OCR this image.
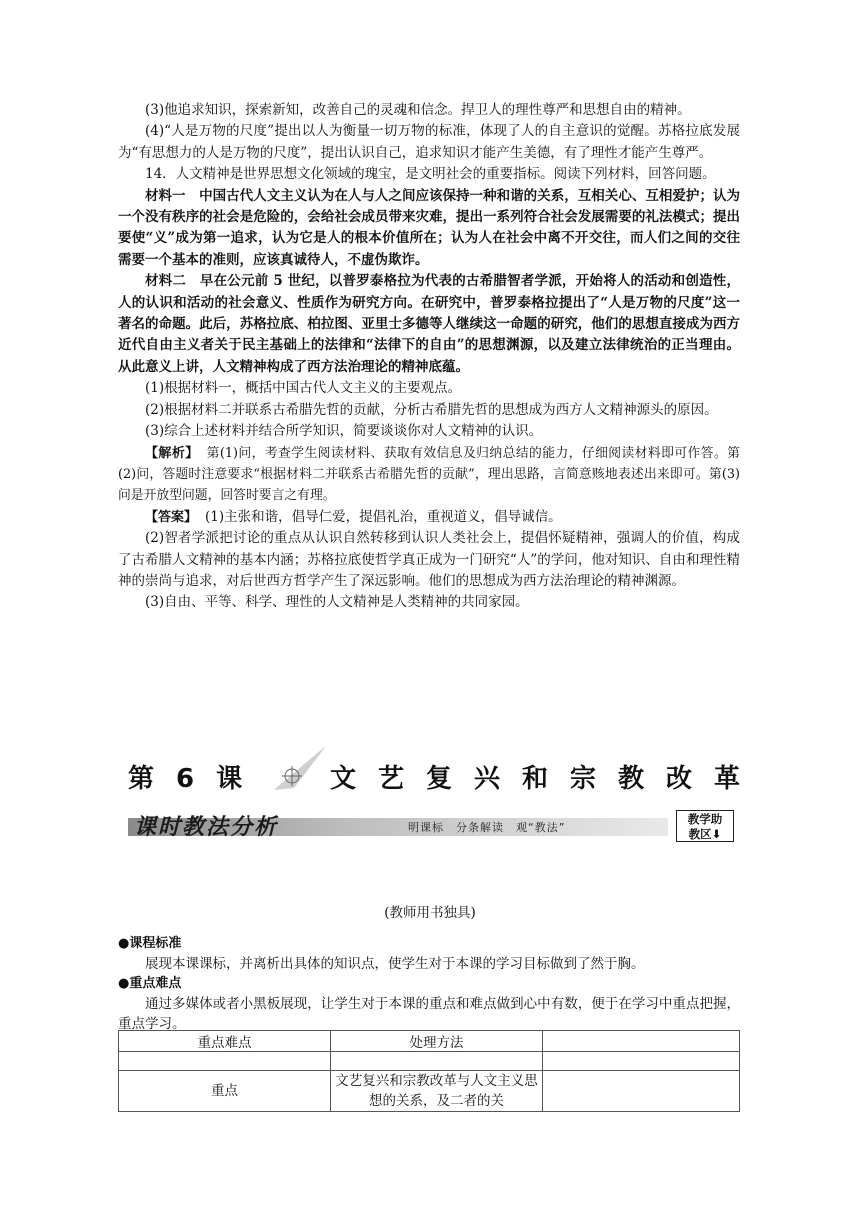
(3)他追求知识，探索新知，改善自己的灵魂和信念。捍卫人的理性尊严和思想自由的精神。

(4)“人是万物的尺度”提出以人为衡量一切万物的标准，体现了人的自主意识的觉醒。苏格拉底发展为“有思想力的人是万物的尺度”，提出认识自己，追求知识才能产生美德，有了理性才能产生尊严。

14．人文精神是世界思想文化领域的瑰宝，是文明社会的重要指标。阅读下列材料，回答问题。

材料一　中国古代人文主义认为在人与人之间应该保持一种和谐的关系，互相关心、互相爱护；认为一个没有秩序的社会是危险的，会给社会成员带来灾难，提出一系列符合社会发展需要的礼法模式；提出要使“义”成为第一追求，认为它是人的根本价值所在；认为人在社会中离不开交往，而人们之间的交往需要一个基本的准则，应该真诚待人，不虚伪欺诈。

材料二　早在公元前 5 世纪，以普罗泰格拉为代表的古希腊智者学派，开始将人的活动和创造性，人的认识和活动的社会意义、性质作为研究方向。在研究中，普罗泰格拉提出了“人是万物的尺度”这一著名的命题。此后，苏格拉底、柏拉图、亚里士多德等人继续这一命题的研究，他们的思想直接成为西方近代自由主义者关于民主基础上的法律和“法律下的自由”的思想渊源，以及建立法律统治的正当理由。从此意义上讲，人文精神构成了西方法治理论的精神底蕴。

(1)根据材料一，概括中国古代人文主义的主要观点。

(2)根据材料二并联系古希腊先哲的贡献，分析古希腊先哲的思想成为西方人文精神源头的原因。

(3)综合上述材料并结合所学知识，简要谈谈你对人文精神的认识。

【解析】 第(1)问，考查学生阅读材料、获取有效信息及归纳总结的能力，仔细阅读材料即可作答。第(2)问，答题时注意要求“根据材料二并联系古希腊先哲的贡献”，理出思路，言简意赅地表述出来即可。第(3)问是开放型问题，回答时要言之有理。

【答案】 (1)主张和谐，倡导仁爱，提倡礼治，重视道义，倡导诚信。

(2)智者学派把讨论的重点从认识自然转移到认识人类社会上，提倡怀疑精神，强调人的价值，构成了古希腊人文精神的基本内涵；苏格拉底使哲学真正成为一门研究“人”的学问，他对知识、自由和理性精神的崇尚与追求，对后世西方哲学产生了深远影响。他们的思想成为西方法治理论的精神渊源。

(3)自由、平等、科学、理性的人文精神是人类精神的共同家园。

第6课	文艺复兴和宗教改革
课时教法分析	明课标　分条解读　观“教法”
教学助
教区⬇
(教师用书独具)
●课程标准

展现本课课标，并离析出具体的知识点，使学生对于本课的学习目标做到了然于胸。

●重点难点

通过多媒体或者小黑板展现，让学生对于本课的重点和难点做到心中有数，便于在学习中重点把握，重点学习。

重点难点	处理方法	

重点	文艺复兴和宗教改革与人文主义思想的关系，及二者的关	
